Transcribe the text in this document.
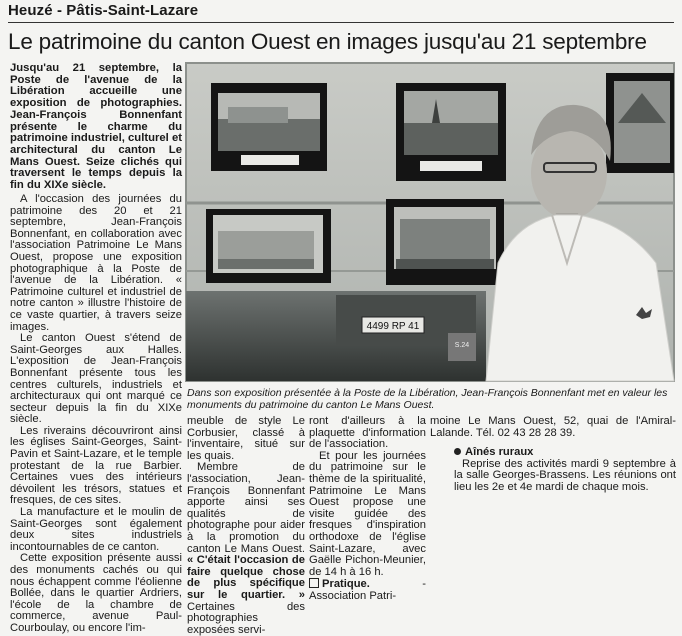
Heuzé - Pâtis-Saint-Lazare
Le patrimoine du canton Ouest en images jusqu'au 21 septembre
Jusqu'au 21 septembre, la Poste de l'avenue de la Libération accueille une exposition de photographies. Jean-François Bonnenfant présente le charme du patrimoine industriel, culturel et architectural du canton Le Mans Ouest. Seize clichés qui traversent le temps depuis la fin du XIXe siècle.

A l'occasion des journées du patrimoine des 20 et 21 septembre, Jean-François Bonnenfant, en collaboration avec l'association Patrimoine Le Mans Ouest, propose une exposition photographique à la Poste de l'avenue de la Libération. « Patrimoine culturel et industriel de notre canton » illustre l'histoire de ce vaste quartier, à travers seize images.

Le canton Ouest s'étend de Saint-Georges aux Halles. L'exposition de Jean-François Bonnenfant présente tous les centres culturels, industriels et architecturaux qui ont marqué ce secteur depuis la fin du XIXe siècle.

Les riverains découvriront ainsi les églises Saint-Georges, Saint-Pavin et Saint-Lazare, et le temple protestant de la rue Barbier. Certaines vues des intérieurs dévoilent les trésors, statues et fresques, de ces sites.

La manufacture et le moulin de Saint-Georges sont également deux sites industriels incontournables de ce canton.

Cette exposition présente aussi des monuments cachés ou qui nous échappent comme l'éolienne Bollée, dans le quartier Ardriers, l'école de la chambre de commerce, avenue Paul-Courboulay, ou encore l'im-

4499 RP 41
S.24
Dans son exposition présentée à la Poste de la Libération, Jean-François Bonnenfant met en valeur les monuments du patrimoine du canton Le Mans Ouest.

meuble de style Le Corbusier, classé à l'inventaire, situé sur les quais.

Membre de l'association, Jean-François Bonnenfant apporte ainsi ses qualités de photographe pour aider à la promotion du canton Le Mans Ouest. « C'était l'occasion de faire quelque chose de plus spécifique sur le quartier. » Certaines des photographies exposées servi-

ront d'ailleurs à la plaquette d'information de l'association.

Et pour les journées du patrimoine sur le thème de la spiritualité, Patrimoine Le Mans Ouest propose une visite guidée des fresques d'inspiration orthodoxe de l'église Saint-Lazare, avec Gaëlle Pichon-Meunier, de 14 h à 16 h.

Pratique.	- Association Patri-

moine Le Mans Ouest, 52, quai de l'Amiral-Lalande. Tél. 02 43 28 28 39.

Aînés ruraux

Reprise des activités mardi 9 septembre à la salle Georges-Brassens. Les réunions ont lieu les 2e et 4e mardi de chaque mois.
